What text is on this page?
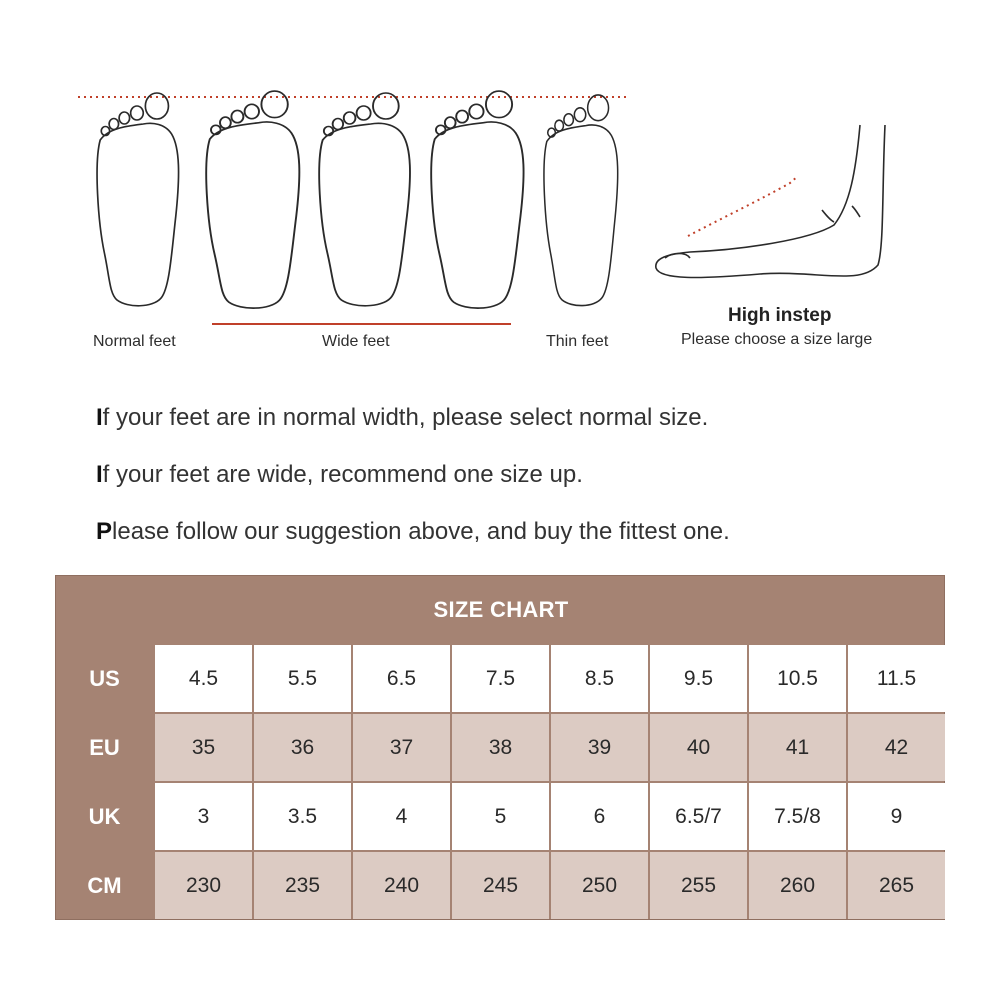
Normal feet	Wide feet	Thin feet
High instep
Please choose a size large
If your feet are in normal width, please select normal size.
If your feet are wide, recommend one size up.
Please follow our suggestion above, and buy the fittest one.
SIZE CHART
US	4.5	5.5	6.5	7.5	8.5	9.5	10.5	11.5
EU	35	36	37	38	39	40	41	42
UK	3	3.5	4	5	6	6.5/7	7.5/8	9
CM	230	235	240	245	250	255	260	265
